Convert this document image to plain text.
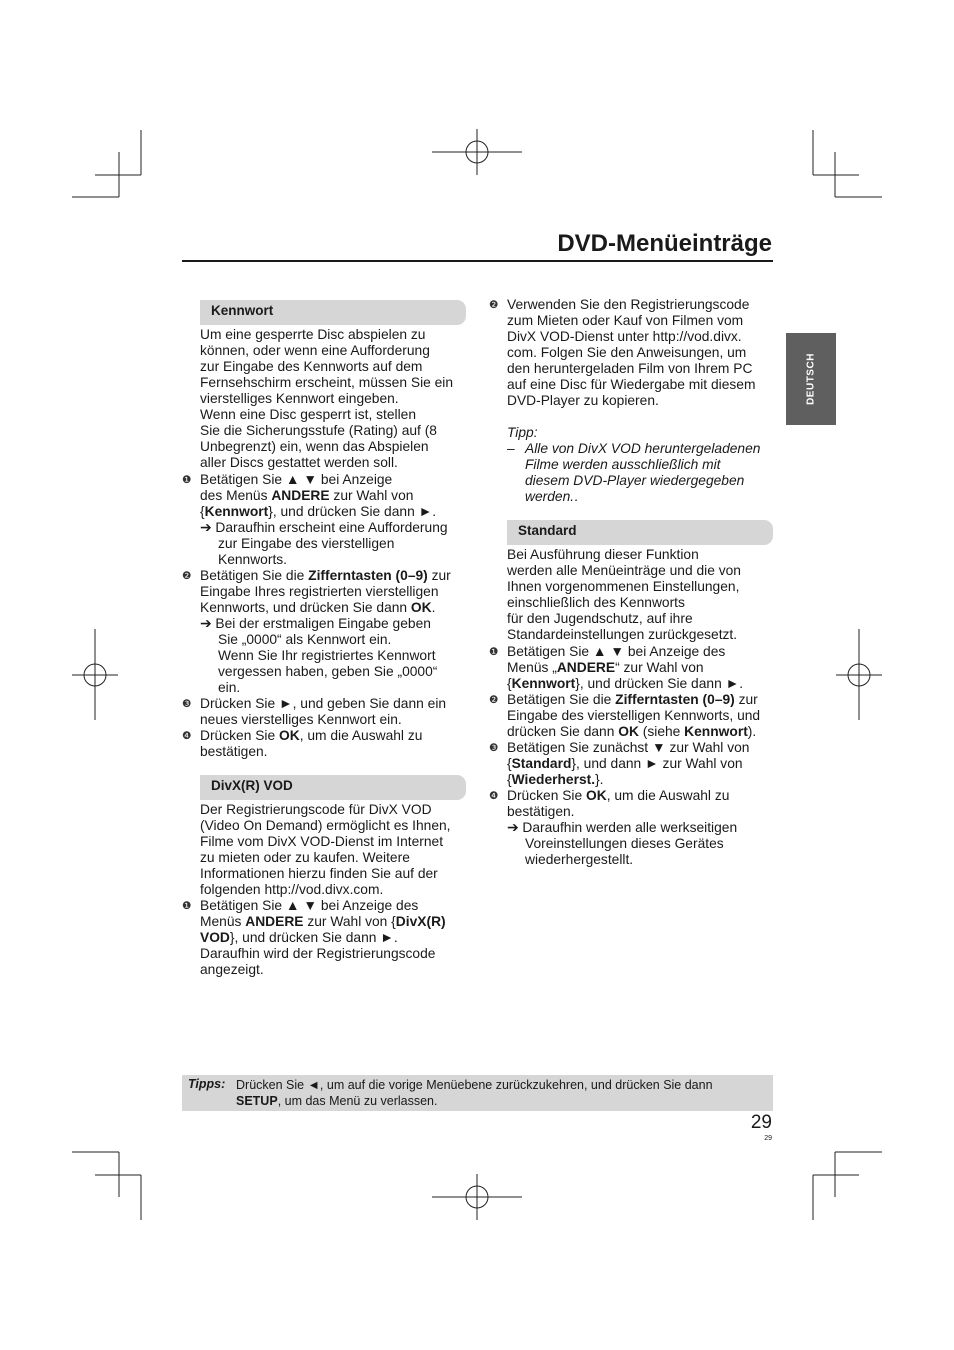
DVD-Menüeinträge
DEUTSCH
Kennwort
Um eine gesperrte Disc abspielen zu
können, oder wenn eine Aufforderung
zur Eingabe des Kennworts auf dem
Fernsehschirm erscheint, müssen Sie ein
vierstelliges Kennwort eingeben.
Wenn eine Disc gesperrt ist, stellen
Sie die Sicherungsstufe (Rating) auf (8
Unbegrenzt) ein, wenn das Abspielen
aller Discs gestattet werden soll.
❶ Betätigen Sie ▲ ▼ bei Anzeige
des Menüs ANDERE zur Wahl von
{Kennwort}, und drücken Sie dann ►.
➔ Daraufhin erscheint eine Aufforderung
zur Eingabe des vierstelligen
Kennworts.
❷ Betätigen Sie die Zifferntasten (0–9) zur
Eingabe Ihres registrierten vierstelligen
Kennworts, und drücken Sie dann OK.
➔ Bei der erstmaligen Eingabe geben
Sie „0000“ als Kennwort ein.
Wenn Sie Ihr registriertes Kennwort
vergessen haben, geben Sie „0000“
ein.
❸ Drücken Sie ►, und geben Sie dann ein
neues vierstelliges Kennwort ein.
❹ Drücken Sie OK, um die Auswahl zu
bestätigen.
DivX(R) VOD
Der Registrierungscode für DivX VOD
(Video On Demand) ermöglicht es Ihnen,
Filme vom DivX VOD-Dienst im Internet
zu mieten oder zu kaufen. Weitere
Informationen hierzu finden Sie auf der
folgenden http://vod.divx.com.
❶ Betätigen Sie ▲ ▼ bei Anzeige des
Menüs ANDERE zur Wahl von {DivX(R)
VOD}, und drücken Sie dann ►.
Daraufhin wird der Registrierungscode
angezeigt.
❷ Verwenden Sie den Registrierungscode
zum Mieten oder Kauf von Filmen vom
DivX VOD-Dienst unter http://vod.divx.
com. Folgen Sie den Anweisungen, um
den heruntergeladen Film von Ihrem PC
auf eine Disc für Wiedergabe mit diesem
DVD-Player zu kopieren.
Tipp:
– Alle von DivX VOD heruntergeladenen
Filme werden ausschließlich mit
diesem DVD-Player wiedergegeben
werden..
Standard
Bei Ausführung dieser Funktion
werden alle Menüeinträge und die von
Ihnen vorgenommenen Einstellungen,
einschließlich des Kennworts
für den Jugendschutz, auf ihre
Standardeinstellungen zurückgesetzt.
❶ Betätigen Sie ▲ ▼ bei Anzeige des
Menüs „ANDERE“ zur Wahl von
{Kennwort}, und drücken Sie dann ►.
❷ Betätigen Sie die Zifferntasten (0–9) zur
Eingabe des vierstelligen Kennworts, und
drücken Sie dann OK (siehe Kennwort).
❸ Betätigen Sie zunächst ▼ zur Wahl von
{Standard}, und dann ► zur Wahl von
{Wiederherst.}.
❹ Drücken Sie OK, um die Auswahl zu
bestätigen.
➔ Daraufhin werden alle werkseitigen
Voreinstellungen dieses Gerätes
wiederhergestellt.
Tipps: Drücken Sie ◄, um auf die vorige Menüebene zurückzukehren, und drücken Sie dann
SETUP, um das Menü zu verlassen.
29
29
